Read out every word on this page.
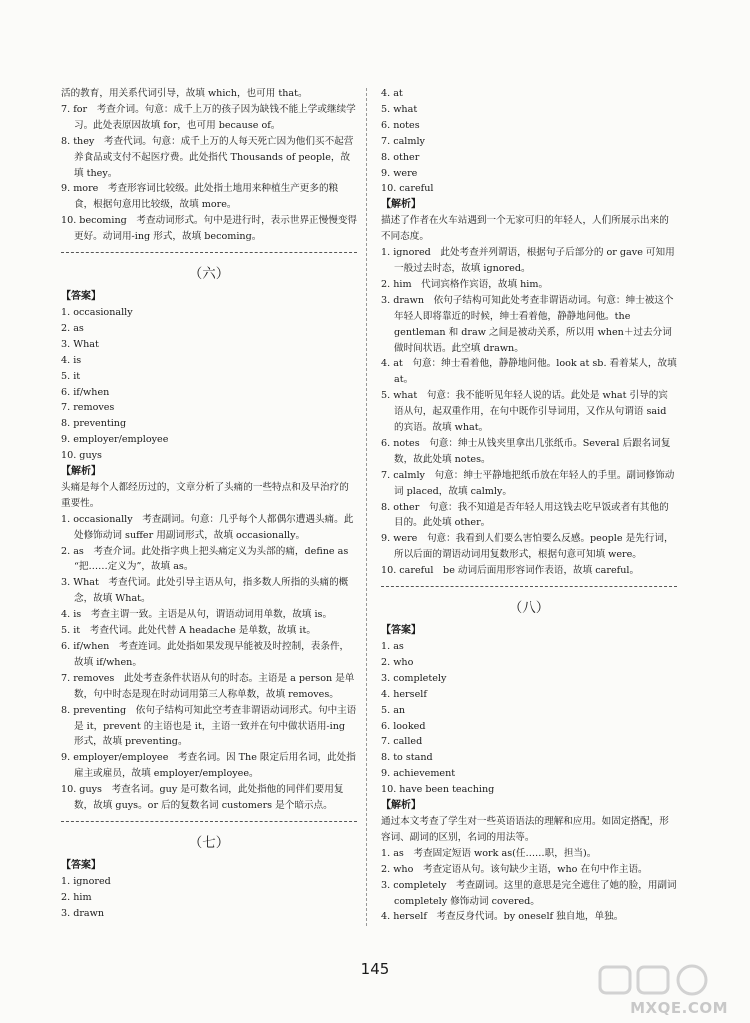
活的教育，用关系代词引导，故填 which，也可用 that。

7. for　考查介词。句意：成千上万的孩子因为缺钱不能上学或继续学习。此处表原因故填 for，也可用 because of。

8. they　考查代词。句意：成千上万的人每天死亡因为他们买不起营养食品或支付不起医疗费。此处指代 Thousands of people，故填 they。

9. more　考查形容词比较级。此处指土地用来种植生产更多的粮食，根据句意用比较级，故填 more。

10. becoming　考查动词形式。句中是进行时，表示世界正慢慢变得更好。动词用-ing 形式，故填 becoming。

（六）

【答案】

1. occasionally

2. as

3. What

4. is

5. it

6. if/when

7. removes

8. preventing

9. employer/employee

10. guys

【解析】

头痛是每个人都经历过的，文章分析了头痛的一些特点和及早治疗的重要性。

1. occasionally　考查副词。句意：几乎每个人都偶尔遭遇头痛。此处修饰动词 suffer 用副词形式，故填 occasionally。

2. as　考查介词。此处指字典上把头痛定义为头部的痛，define as “把……定义为”，故填 as。

3. What　考查代词。此处引导主语从句，指多数人所指的头痛的概念，故填 What。

4. is　考查主谓一致。主语是从句，谓语动词用单数，故填 is。

5. it　考查代词。此处代替 A headache 是单数，故填 it。

6. if/when　考查连词。此处指如果发现早能被及时控制，表条件，故填 if/when。

7. removes　此处考查条件状语从句的时态。主语是 a person 是单数，句中时态是现在时动词用第三人称单数，故填 removes。

8. preventing　依句子结构可知此空考查非谓语动词形式。句中主语是 it，prevent 的主语也是 it，主语一致并在句中做状语用-ing 形式，故填 preventing。

9. employer/employee　考查名词。因 The 限定后用名词，此处指雇主或雇员，故填 employer/employee。

10. guys　考查名词。guy 是可数名词，此处指他的同伴们要用复数，故填 guys。or 后的复数名词 customers 是个暗示点。

（七）

【答案】

1. ignored

2. him

3. drawn

4. at

5. what

6. notes

7. calmly

8. other

9. were

10. careful

【解析】

描述了作者在火车站遇到一个无家可归的年轻人，人们所展示出来的不同态度。

1. ignored　此处考查并列谓语，根据句子后部分的 or gave 可知用一般过去时态，故填 ignored。

2. him　代词宾格作宾语，故填 him。

3. drawn　依句子结构可知此处考查非谓语动词。句意：绅士被这个年轻人即将靠近的时候，绅士看着他，静静地问他。the gentleman 和 draw 之间是被动关系，所以用 when＋过去分词做时间状语。此空填 drawn。

4. at　句意：绅士看着他，静静地问他。look at sb. 看着某人，故填 at。

5. what　句意：我不能听见年轻人说的话。此处是 what 引导的宾语从句，起双重作用，在句中既作引导词用，又作从句谓语 said 的宾语。故填 what。

6. notes　句意：绅士从钱夹里拿出几张纸币。Several 后跟名词复数，故此处填 notes。

7. calmly　句意：绅士平静地把纸币放在年轻人的手里。副词修饰动词 placed，故填 calmly。

8. other　句意：我不知道是否年轻人用这钱去吃早饭或者有其他的目的。此处填 other。

9. were　句意：我看到人们要么害怕要么反感。people 是先行词，所以后面的谓语动词用复数形式，根据句意可知填 were。

10. careful　be 动词后面用形容词作表语，故填 careful。

（八）

【答案】

1. as

2. who

3. completely

4. herself

5. an

6. looked

7. called

8. to stand

9. achievement

10. have been teaching

【解析】

通过本文考查了学生对一些英语语法的理解和应用。如固定搭配，形容词、副词的区别，名词的用法等。

1. as　考查固定短语 work as(任……职，担当)。

2. who　考查定语从句。该句缺少主语，who 在句中作主语。

3. completely　考查副词。这里的意思是完全遮住了她的脸，用副词 completely 修饰动词 covered。

4. herself　考查反身代词。by oneself 独自地，单独。

145
MXQE.COM
